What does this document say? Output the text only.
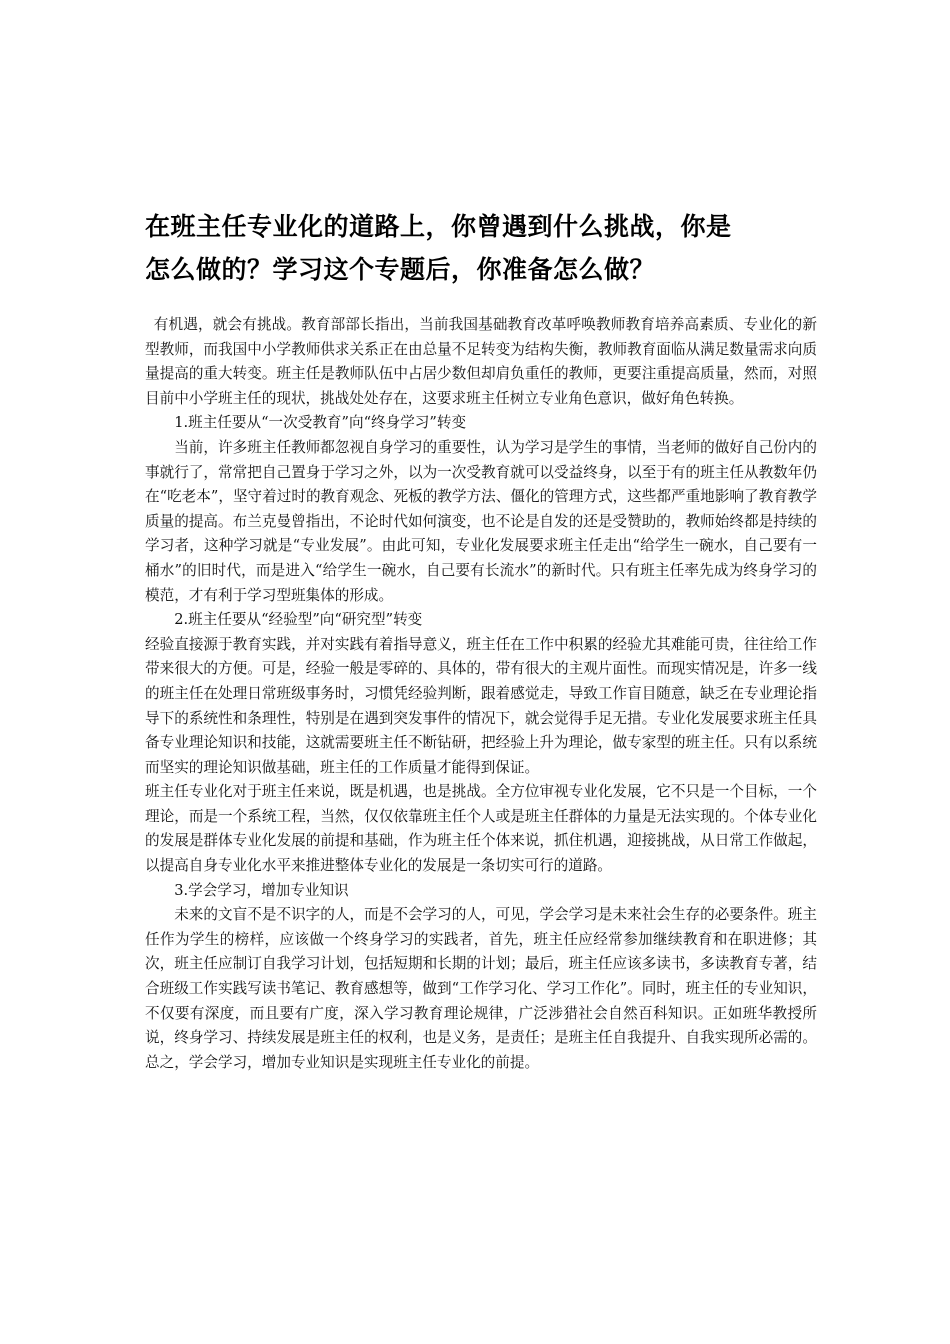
在班主任专业化的道路上，你曾遇到什么挑战，你是
怎么做的？学习这个专题后，你准备怎么做？

有机遇，就会有挑战。教育部部长指出，当前我国基础教育改革呼唤教师教育培养高素质、专业化的新型教师，而我国中小学教师供求关系正在由总量不足转变为结构失衡，教师教育面临从满足数量需求向质量提高的重大转变。班主任是教师队伍中占居少数但却肩负重任的教师，更要注重提高质量，然而，对照目前中小学班主任的现状，挑战处处存在，这要求班主任树立专业角色意识，做好角色转换。

1.班主任要从“一次受教育”向“终身学习”转变

当前，许多班主任教师都忽视自身学习的重要性，认为学习是学生的事情，当老师的做好自己份内的事就行了，常常把自己置身于学习之外，以为一次受教育就可以受益终身，以至于有的班主任从教数年仍在“吃老本”，坚守着过时的教育观念、死板的教学方法、僵化的管理方式，这些都严重地影响了教育教学质量的提高。布兰克曼曾指出，不论时代如何演变，也不论是自发的还是受赞助的，教师始终都是持续的学习者，这种学习就是“专业发展”。由此可知，专业化发展要求班主任走出“给学生一碗水，自己要有一桶水”的旧时代，而是进入“给学生一碗水，自己要有长流水”的新时代。只有班主任率先成为终身学习的模范，才有利于学习型班集体的形成。

2.班主任要从“经验型”向“研究型”转变

经验直接源于教育实践，并对实践有着指导意义，班主任在工作中积累的经验尤其难能可贵，往往给工作带来很大的方便。可是，经验一般是零碎的、具体的，带有很大的主观片面性。而现实情况是，许多一线的班主任在处理日常班级事务时，习惯凭经验判断，跟着感觉走，导致工作盲目随意，缺乏在专业理论指导下的系统性和条理性，特别是在遇到突发事件的情况下，就会觉得手足无措。专业化发展要求班主任具备专业理论知识和技能，这就需要班主任不断钻研，把经验上升为理论，做专家型的班主任。只有以系统而坚实的理论知识做基础，班主任的工作质量才能得到保证。

班主任专业化对于班主任来说，既是机遇，也是挑战。全方位审视专业化发展，它不只是一个目标，一个理论，而是一个系统工程，当然，仅仅依靠班主任个人或是班主任群体的力量是无法实现的。个体专业化的发展是群体专业化发展的前提和基础，作为班主任个体来说，抓住机遇，迎接挑战，从日常工作做起，以提高自身专业化水平来推进整体专业化的发展是一条切实可行的道路。

3.学会学习，增加专业知识

未来的文盲不是不识字的人，而是不会学习的人，可见，学会学习是未来社会生存的必要条件。班主任作为学生的榜样，应该做一个终身学习的实践者，首先，班主任应经常参加继续教育和在职进修；其次，班主任应制订自我学习计划，包括短期和长期的计划；最后，班主任应该多读书，多读教育专著，结合班级工作实践写读书笔记、教育感想等，做到“工作学习化、学习工作化”。同时，班主任的专业知识，不仅要有深度，而且要有广度，深入学习教育理论规律，广泛涉猎社会自然百科知识。正如班华教授所说，终身学习、持续发展是班主任的权利，也是义务，是责任；是班主任自我提升、自我实现所必需的。总之，学会学习，增加专业知识是实现班主任专业化的前提。
